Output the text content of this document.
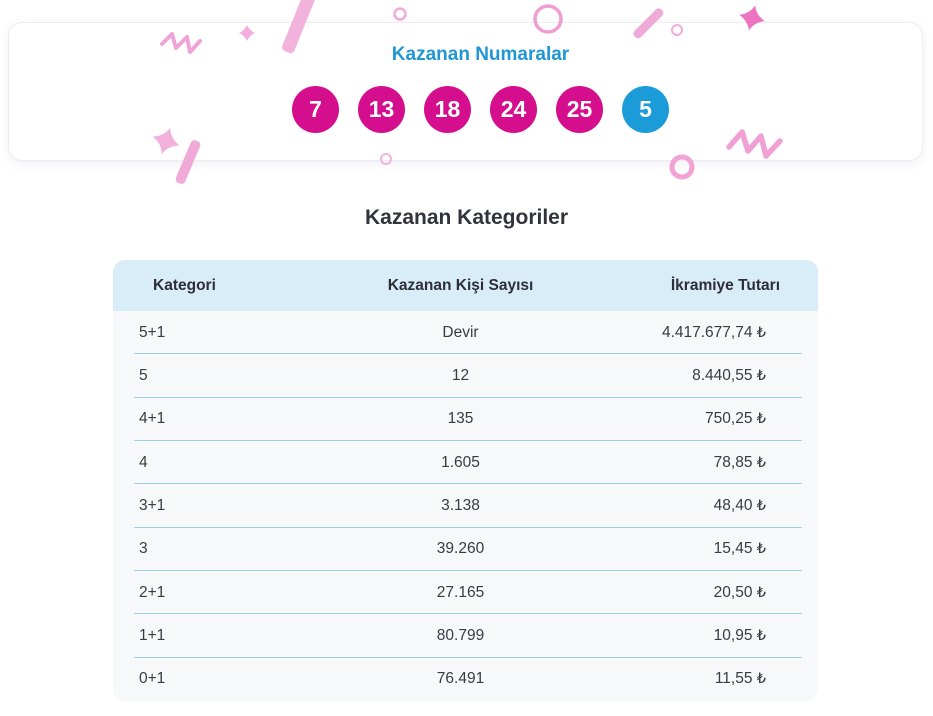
Kazanan Numaralar
7	13	18	24	25	5
Kazanan Kategoriler
Kategori	Kazanan Kişi Sayısı	İkramiye Tutarı
5+1	Devir	4.417.677,74 ₺
5	12	8.440,55 ₺
4+1	135	750,25 ₺
4	1.605	78,85 ₺
3+1	3.138	48,40 ₺
3	39.260	15,45 ₺
2+1	27.165	20,50 ₺
1+1	80.799	10,95 ₺
0+1	76.491	11,55 ₺
